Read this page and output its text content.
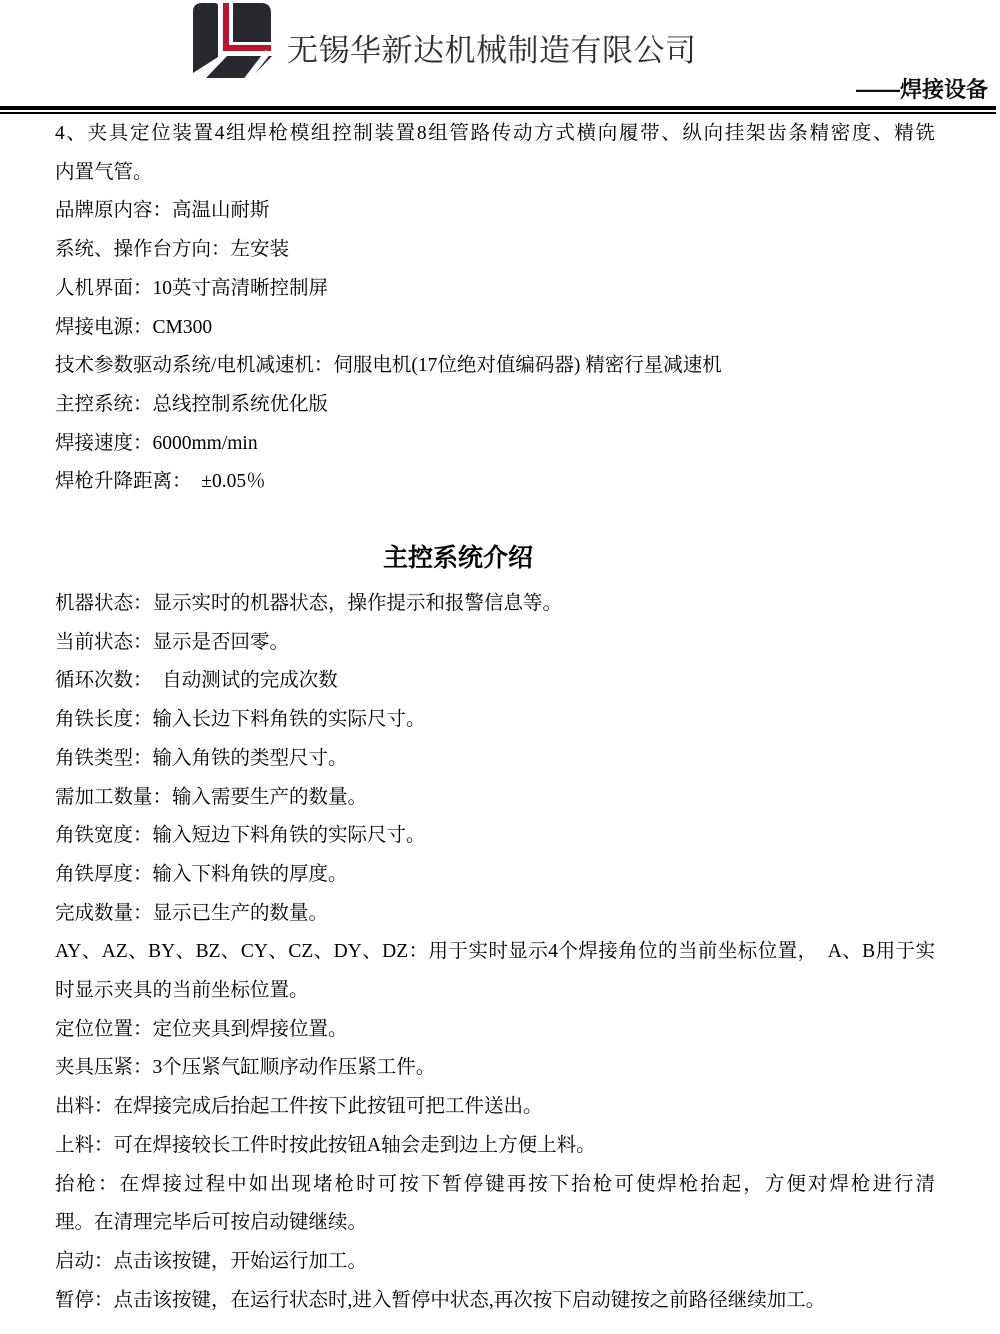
无锡华新达机械制造有限公司
——焊接设备
4、夹具定位装置4组焊枪模组控制装置8组管路传动方式横向履带、纵向挂架齿条精密度、精铣
内置气管。
品牌原内容：高温山耐斯
系统、操作台方向：左安装
人机界面：10英寸高清晰控制屏
焊接电源：CM300
技术参数驱动系统/电机减速机：伺服电机(17位绝对值编码器) 精密行星减速机
主控系统：总线控制系统优化版
焊接速度：6000mm/min
焊枪升降距离：　±0.05％
主控系统介绍
机器状态：显示实时的机器状态，操作提示和报警信息等。
当前状态：显示是否回零。
循环次数：　自动测试的完成次数
角铁长度：输入长边下料角铁的实际尺寸。
角铁类型：输入角铁的类型尺寸。
需加工数量：输入需要生产的数量。
角铁宽度：输入短边下料角铁的实际尺寸。
角铁厚度：输入下料角铁的厚度。
完成数量：显示已生产的数量。
AY、AZ、BY、BZ、CY、CZ、DY、DZ：用于实时显示4个焊接角位的当前坐标位置，　A、B用于实
时显示夹具的当前坐标位置。
定位位置：定位夹具到焊接位置。
夹具压紧：3个压紧气缸顺序动作压紧工件。
出料：在焊接完成后抬起工件按下此按钮可把工件送出。
上料：可在焊接较长工件时按此按钮A轴会走到边上方便上料。
抬枪：在焊接过程中如出现堵枪时可按下暂停键再按下抬枪可使焊枪抬起，方便对焊枪进行清
理。在清理完毕后可按启动键继续。
启动：点击该按键，开始运行加工。
暂停：点击该按键，在运行状态时,进入暂停中状态,再次按下启动键按之前路径继续加工。
